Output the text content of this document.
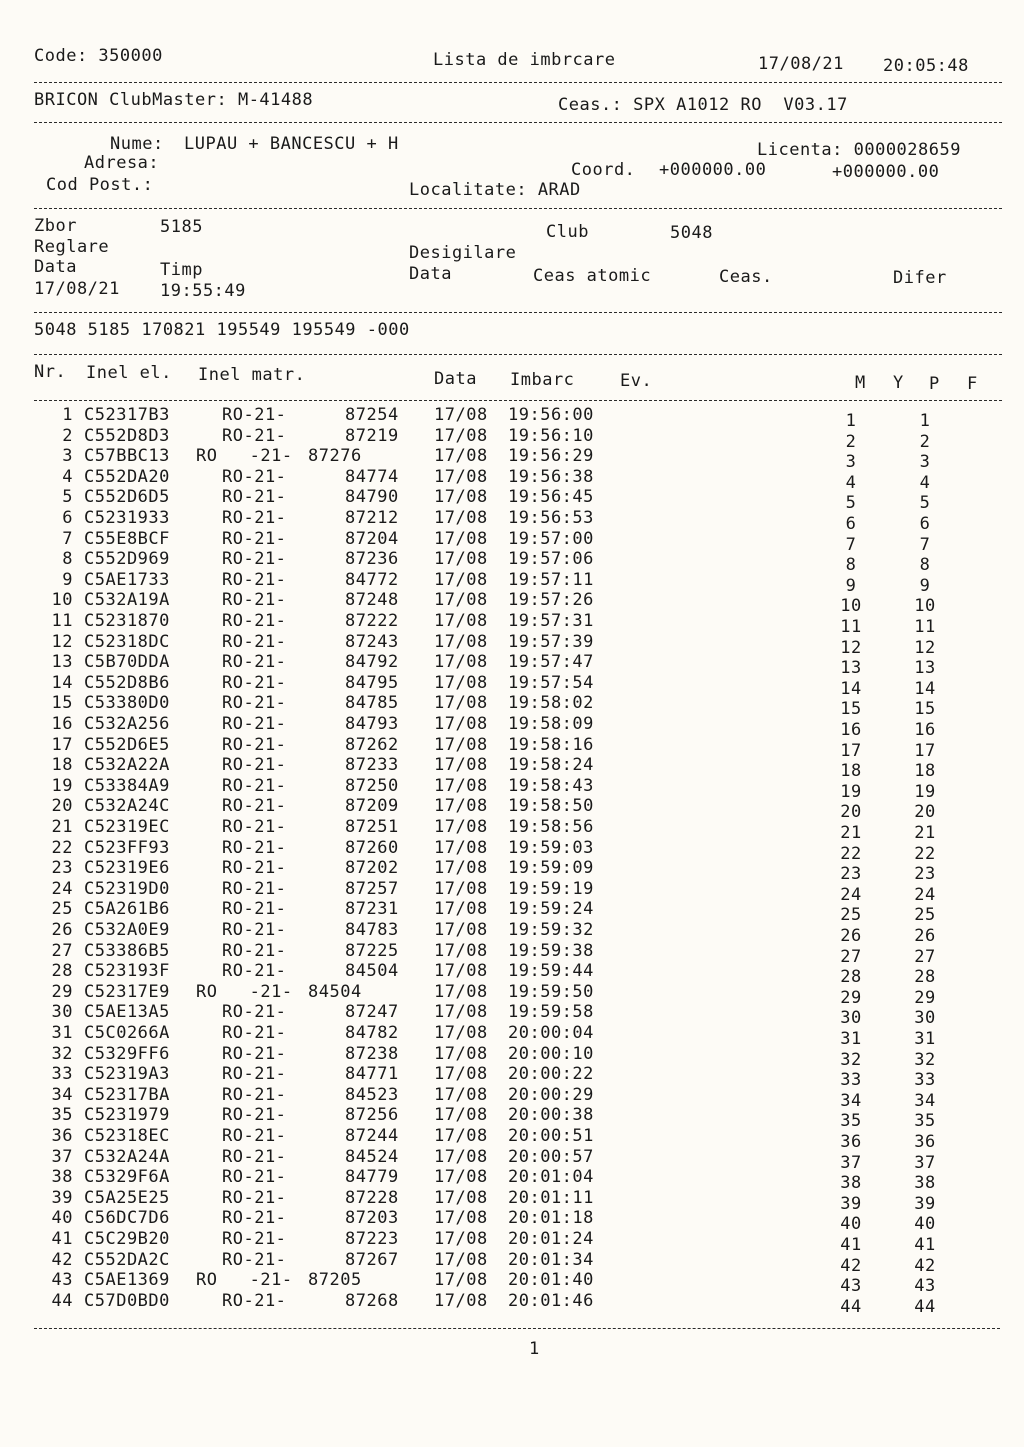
Code: 350000	Lista de imbrcare	17/08/21 20:05:48
BRICON ClubMaster: M-41488	Ceas.: SPX A1012 RO  V03.17
Nume: LUPAU + BANCESCU + H
Adresa:
Cod Post.:
Licenta: 0000028659
Coord. +000000.00	+000000.00
Localitate: ARAD
Zbor	5185	Club	5048
Reglare	Desigilare
Data	Timp	Data	Ceas atomic	Ceas.	Difer
17/08/21 19:55:49
5048 5185 170821 195549 195549 -000
Nr. Inel el. Inel matr.	Data Imbarc	Ev.	M Y P F
1 C52317B3	RO-21-	87254 17/08 19:56:00	1	1
2 C552D8D3	RO-21-	87219 17/08 19:56:10	2	2
3 C57BBC13 RO   -21- 87276	17/08 19:56:29	3	3
4 C552DA20	RO-21-	84774 17/08 19:56:38	4	4
5 C552D6D5	RO-21-	84790 17/08 19:56:45	5	5
6 C5231933	RO-21-	87212 17/08 19:56:53	6	6
7 C55E8BCF	RO-21-	87204 17/08 19:57:00	7	7
8 C552D969	RO-21-	87236 17/08 19:57:06	8	8
9 C5AE1733	RO-21-	84772 17/08 19:57:11	9	9
10 C532A19A	RO-21-	87248 17/08 19:57:26	10	10
11 C5231870	RO-21-	87222 17/08 19:57:31	11	11
12 C52318DC	RO-21-	87243 17/08 19:57:39	12	12
13 C5B70DDA	RO-21-	84792 17/08 19:57:47	13	13
14 C552D8B6	RO-21-	84795 17/08 19:57:54	14	14
15 C53380D0	RO-21-	84785 17/08 19:58:02	15	15
16 C532A256	RO-21-	84793 17/08 19:58:09	16	16
17 C552D6E5	RO-21-	87262 17/08 19:58:16	17	17
18 C532A22A	RO-21-	87233 17/08 19:58:24	18	18
19 C53384A9	RO-21-	87250 17/08 19:58:43	19	19
20 C532A24C	RO-21-	87209 17/08 19:58:50	20	20
21 C52319EC	RO-21-	87251 17/08 19:58:56	21	21
22 C523FF93	RO-21-	87260 17/08 19:59:03	22	22
23 C52319E6	RO-21-	87202 17/08 19:59:09	23	23
24 C52319D0	RO-21-	87257 17/08 19:59:19	24	24
25 C5A261B6	RO-21-	87231 17/08 19:59:24	25	25
26 C532A0E9	RO-21-	84783 17/08 19:59:32	26	26
27 C53386B5	RO-21-	87225 17/08 19:59:38	27	27
28 C523193F	RO-21-	84504 17/08 19:59:44	28	28
29 C52317E9 RO   -21- 84504	17/08 19:59:50	29	29
30 C5AE13A5	RO-21-	87247 17/08 19:59:58	30	30
31 C5C0266A	RO-21-	84782 17/08 20:00:04	31	31
32 C5329FF6	RO-21-	87238 17/08 20:00:10	32	32
33 C52319A3	RO-21-	84771 17/08 20:00:22	33	33
34 C52317BA	RO-21-	84523 17/08 20:00:29	34	34
35 C5231979	RO-21-	87256 17/08 20:00:38	35	35
36 C52318EC	RO-21-	87244 17/08 20:00:51	36	36
37 C532A24A	RO-21-	84524 17/08 20:00:57	37	37
38 C5329F6A	RO-21-	84779 17/08 20:01:04	38	38
39 C5A25E25	RO-21-	87228 17/08 20:01:11	39	39
40 C56DC7D6	RO-21-	87203 17/08 20:01:18	40	40
41 C5C29B20	RO-21-	87223 17/08 20:01:24	41	41
42 C552DA2C	RO-21-	87267 17/08 20:01:34	42	42
43 C5AE1369 RO   -21- 87205	17/08 20:01:40	43	43
44 C57D0BD0	RO-21-	87268 17/08 20:01:46	44	44
1
